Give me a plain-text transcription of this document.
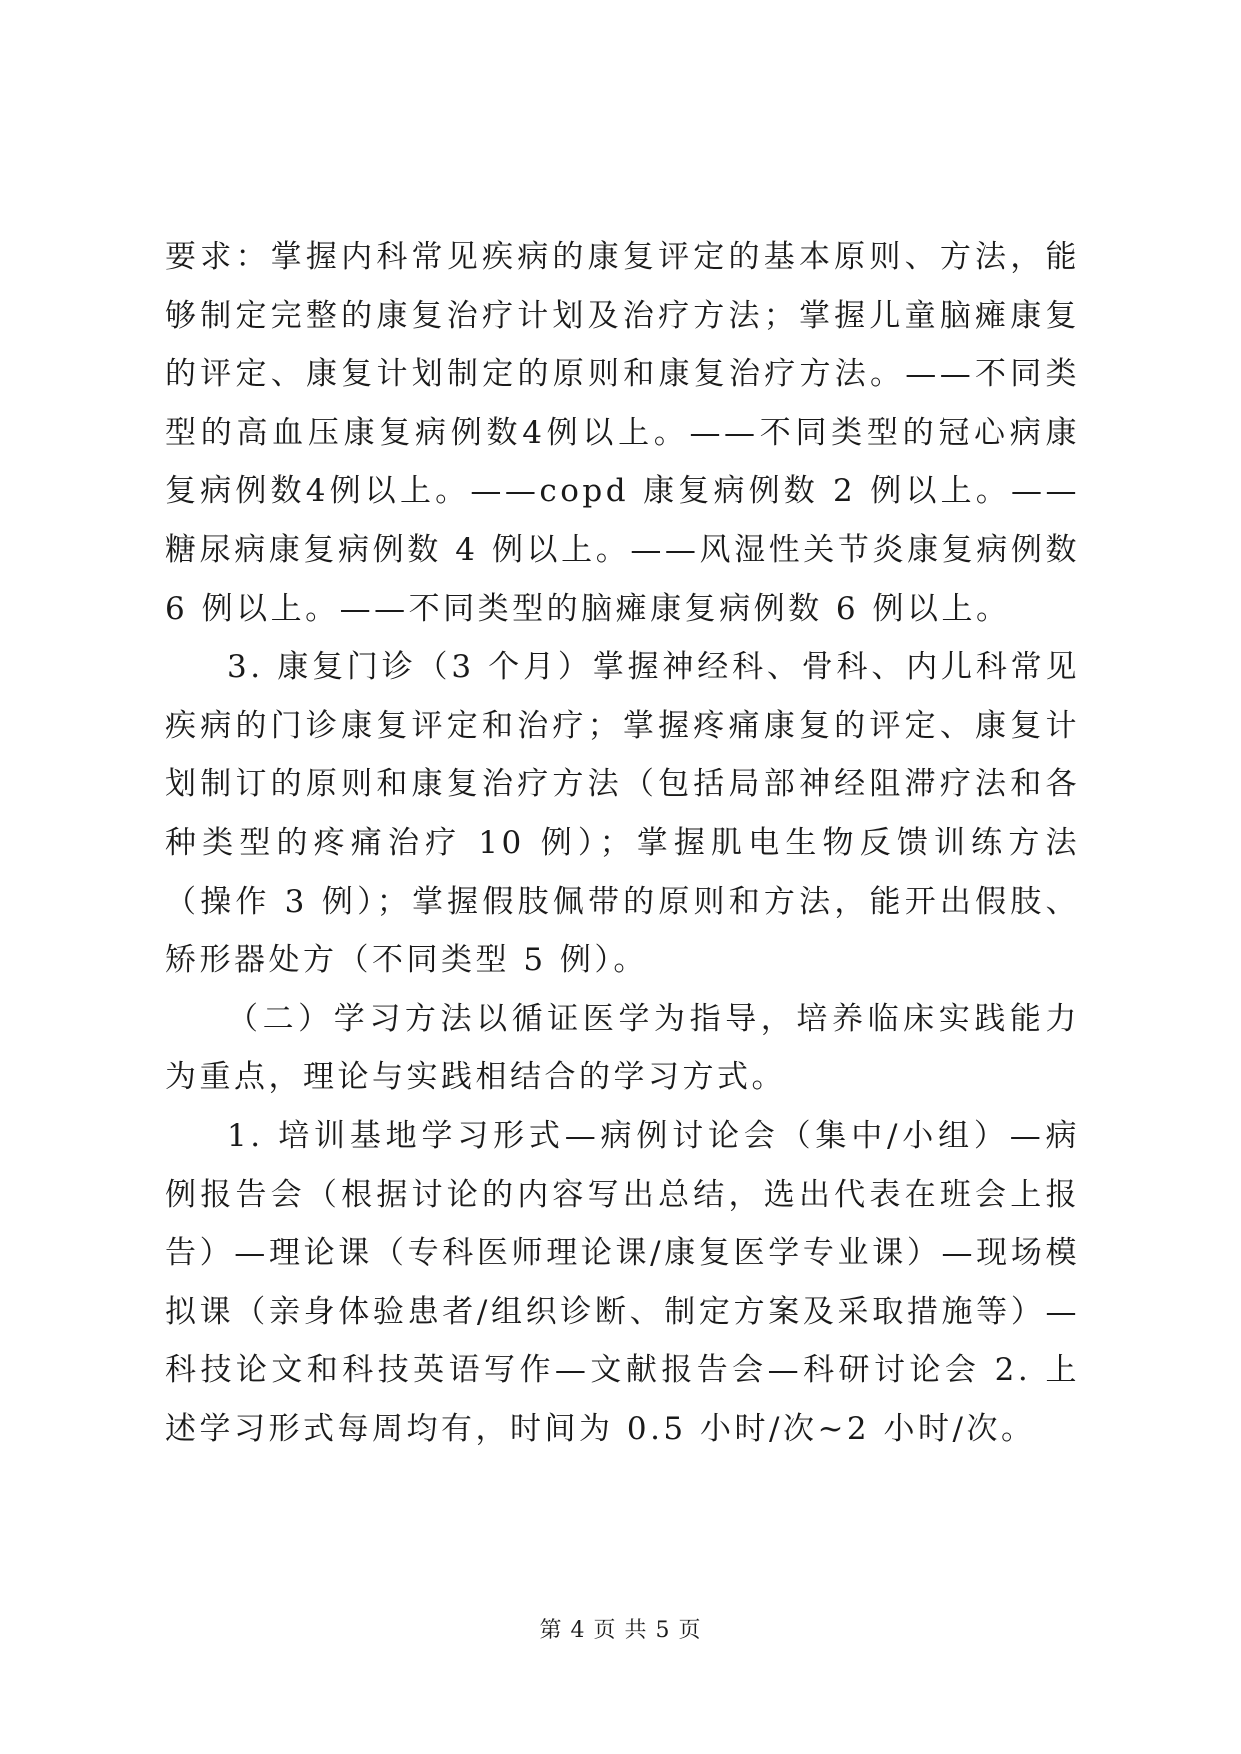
要求：掌握内科常见疾病的康复评定的基本原则、方法，能够制定完整的康复治疗计划及治疗方法；掌握儿童脑瘫康复的评定、康复计划制定的原则和康复治疗方法。——不同类型的高血压康复病例数4例以上。——不同类型的冠心病康复病例数4例以上。——copd 康复病例数 2 例以上。——糖尿病康复病例数 4 例以上。——风湿性关节炎康复病例数 6 例以上。——不同类型的脑瘫康复病例数 6 例以上。

3. 康复门诊（3 个月）掌握神经科、骨科、内儿科常见疾病的门诊康复评定和治疗；掌握疼痛康复的评定、康复计划制订的原则和康复治疗方法（包括局部神经阻滞疗法和各种类型的疼痛治疗 10 例）；掌握肌电生物反馈训练方法（操作 3 例）；掌握假肢佩带的原则和方法，能开出假肢、矫形器处方（不同类型 5 例）。

（二）学习方法以循证医学为指导，培养临床实践能力为重点，理论与实践相结合的学习方式。

1. 培训基地学习形式—病例讨论会（集中/小组）—病例报告会（根据讨论的内容写出总结，选出代表在班会上报告）—理论课（专科医师理论课/康复医学专业课）—现场模拟课（亲身体验患者/组织诊断、制定方案及采取措施等）—科技论文和科技英语写作—文献报告会—科研讨论会 2. 上述学习形式每周均有，时间为 0.5 小时/次~2 小时/次。

第 4 页 共 5 页
